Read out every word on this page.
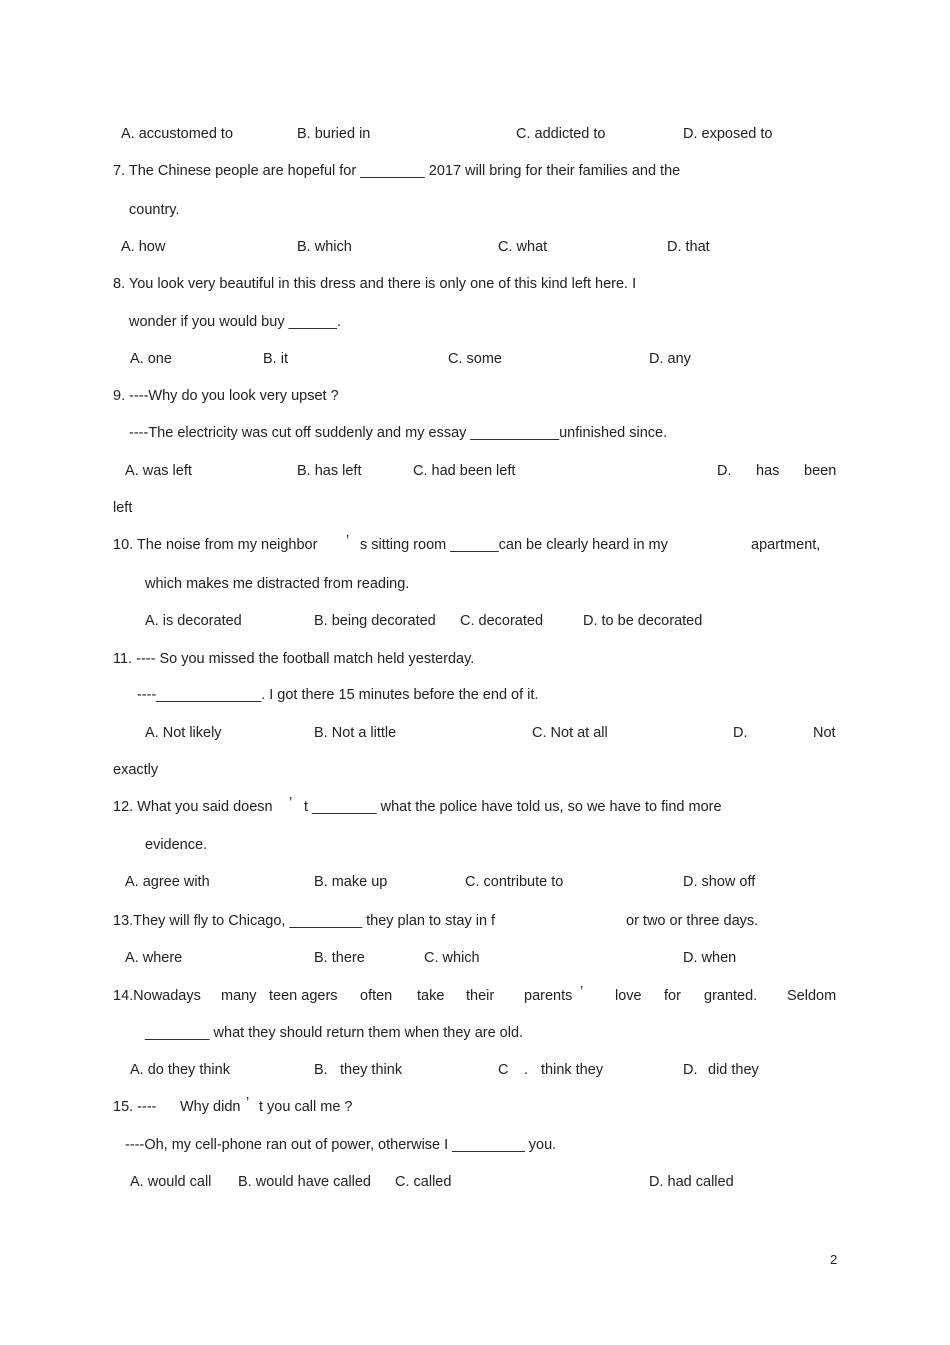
A. accustomed to	B. buried in	C. addicted to	D. exposed to
7. The Chinese people are hopeful for ________ 2017 will bring for their families and the
country.
A. how	B. which	C. what	D. that
8. You look very beautiful in this dress and there is only one of this kind left here. I
wonder if you would buy ______.
A. one	B. it	C. some	D. any
9. ----Why do you look very upset ?
----The electricity was cut off suddenly and my essay ___________unfinished since.
A. was left	B. has left	C. had been left	D. has been
left
10. The noise from my neighbor ’ s sitting room ______can be clearly heard in my	apartment,
which makes me distracted from reading.
A. is decorated	B. being decorated C. decorated	D. to be decorated
11. ---- So you missed the football match held yesterday.
----_____________. I got there 15 minutes before the end of it.
A. Not likely	B. Not a little	C. Not at all	D.	Not
exactly
12. What you said doesn ’ t ________ what the police have told us, so we have to find more
evidence.
A. agree with	B. make up	C. contribute to	D. show off
13.They will fly to Chicago, _________ they plan to stay in f	or two or three days.
A. where	B. there	C. which	D. when
14.Nowadays many teen agers often take their parents ’ love for granted. Seldom
________ what they should return them when they are old.
A. do they think	B. they think	C . think they	D. did they
15. ---- Why didn ’ t you call me ?
----Oh, my cell-phone ran out of power, otherwise I _________ you.
A. would call B. would have called C. called	D. had called
2
